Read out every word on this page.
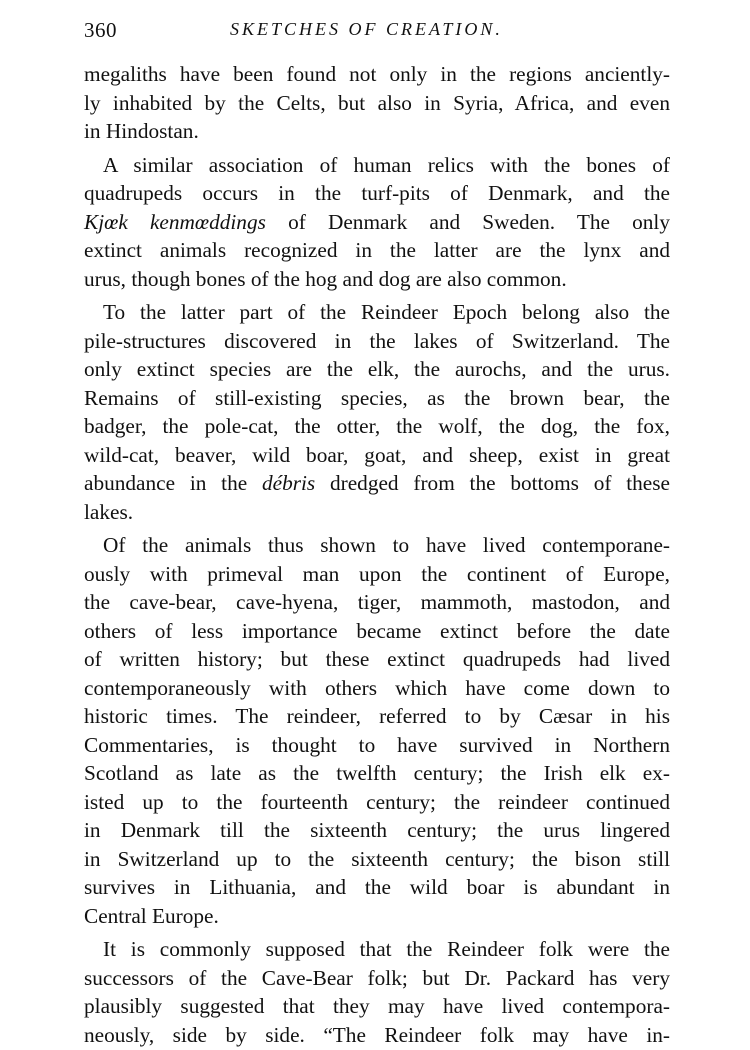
360	SKETCHES OF CREATION.
megaliths have been found not only in the regions anciently-
ly inhabited by the Celts, but also in Syria, Africa, and even
in Hindostan.
A similar association of human relics with the bones of
quadrupeds occurs in the turf-pits of Denmark, and the
Kjœk kenmœddings of Denmark and Sweden. The only
extinct animals recognized in the latter are the lynx and
urus, though bones of the hog and dog are also common.
To the latter part of the Reindeer Epoch belong also the
pile-structures discovered in the lakes of Switzerland. The
only extinct species are the elk, the aurochs, and the urus.
Remains of still-existing species, as the brown bear, the
badger, the pole-cat, the otter, the wolf, the dog, the fox,
wild-cat, beaver, wild boar, goat, and sheep, exist in great
abundance in the débris dredged from the bottoms of these
lakes.
Of the animals thus shown to have lived contemporane-
ously with primeval man upon the continent of Europe,
the cave-bear, cave-hyena, tiger, mammoth, mastodon, and
others of less importance became extinct before the date
of written history; but these extinct quadrupeds had lived
contemporaneously with others which have come down to
historic times. The reindeer, referred to by Cæsar in his
Commentaries, is thought to have survived in Northern
Scotland as late as the twelfth century; the Irish elk ex-
isted up to the fourteenth century; the reindeer continued
in Denmark till the sixteenth century; the urus lingered
in Switzerland up to the sixteenth century; the bison still
survives in Lithuania, and the wild boar is abundant in
Central Europe.
It is commonly supposed that the Reindeer folk were the
successors of the Cave-Bear folk; but Dr. Packard has very
plausibly suggested that they may have lived contempora-
neously, side by side. “The Reindeer folk may have in-
